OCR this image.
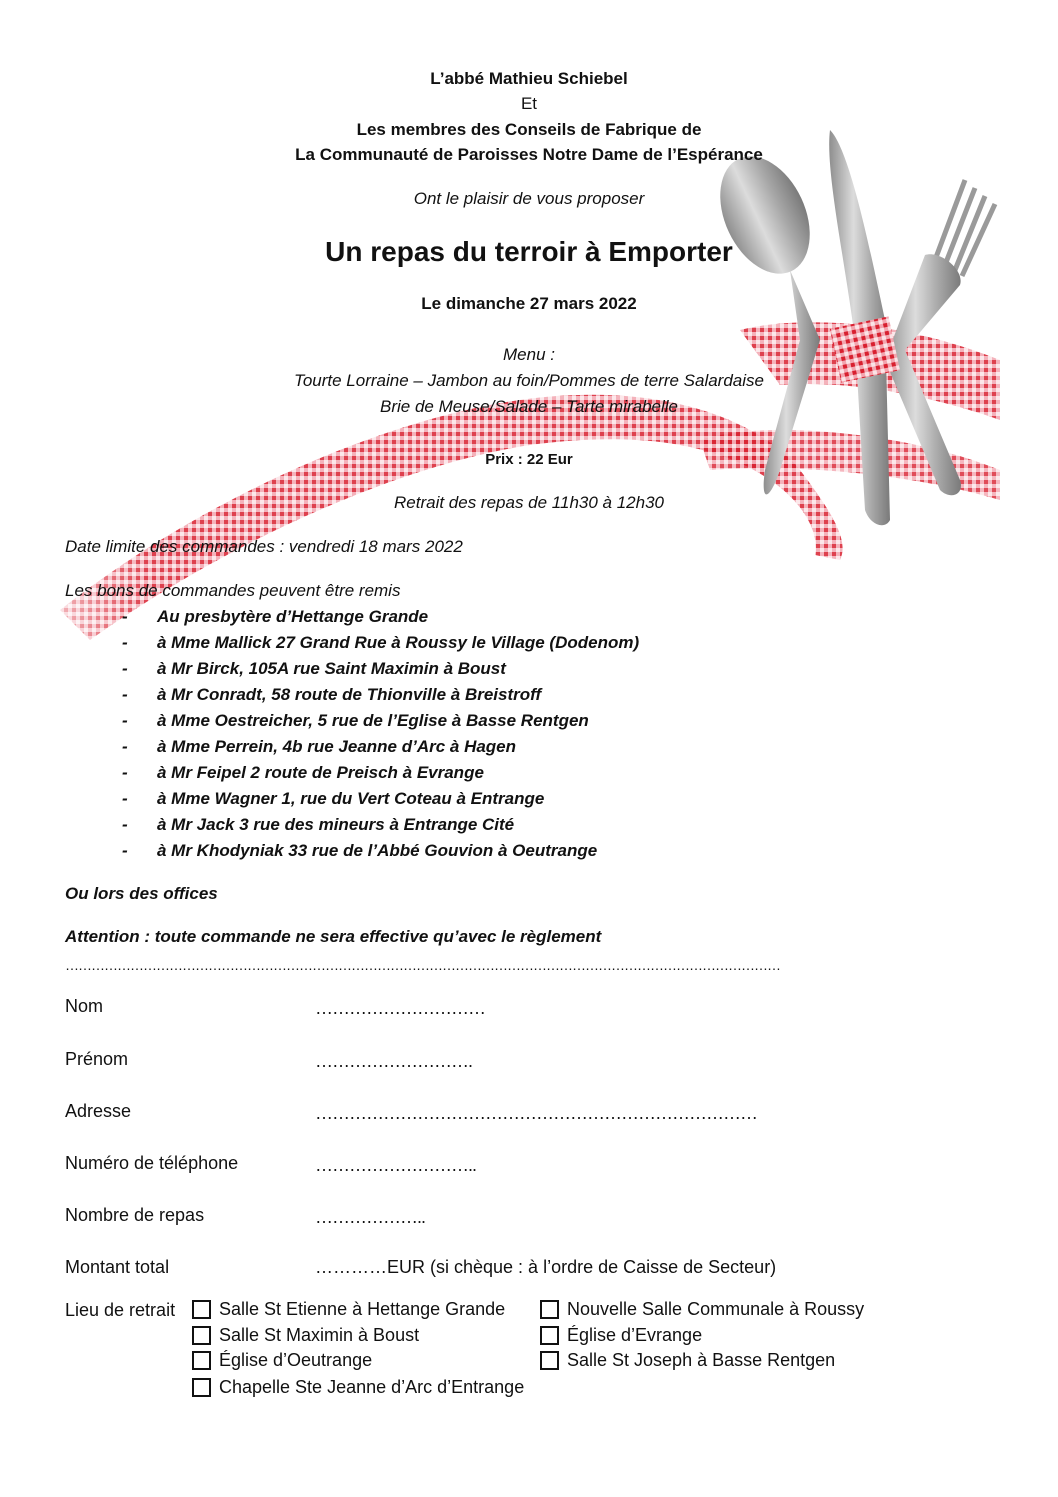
L’abbé Mathieu Schiebel
Et
Les membres des Conseils de Fabrique de
La Communauté de Paroisses Notre Dame de l’Espérance
Ont le plaisir de vous proposer
Un repas du terroir à Emporter
Le dimanche 27 mars 2022
Menu :
Tourte Lorraine – Jambon au foin/Pommes de terre Salardaise
Brie de Meuse/Salade – Tarte mirabelle
Prix : 22 Eur
Retrait des repas de 11h30 à 12h30
Date limite des commandes : vendredi 18 mars 2022
Les bons de commandes peuvent être remis
-	Au presbytère d’Hettange Grande
-	à Mme Mallick 27 Grand Rue à Roussy le Village (Dodenom)
-	à Mr Birck, 105A rue Saint Maximin à Boust
-	à Mr Conradt, 58 route de Thionville à Breistroff
-	à Mme Oestreicher, 5 rue de l’Eglise à Basse Rentgen
-	à Mme Perrein, 4b rue Jeanne d’Arc à Hagen
-	à Mr Feipel 2 route de Preisch à Evrange
-	à Mme Wagner 1, rue du Vert Coteau à Entrange
-	à Mr Jack 3 rue des mineurs à Entrange Cité
-	à Mr Khodyniak 33 rue de l’Abbé Gouvion à Oeutrange
Ou lors des offices
Attention : toute commande ne sera effective qu’avec le règlement
…………………………………………………………………………………………………………………………………………………
Nom	…………………………
Prénom	……………………….
Adresse	……………………………………………………………………
Numéro de téléphone	………………………..
Nombre de repas	………………..
Montant total	…………EUR (si chèque : à l’ordre de Caisse de Secteur)
Lieu de retrait Salle St Etienne à Hettange Grande	Nouvelle Salle Communale à Roussy
Salle St Maximin à Boust	Église d’Evrange
Église d’Oeutrange	Salle St Joseph à Basse Rentgen
Chapelle Ste Jeanne d’Arc d’Entrange
